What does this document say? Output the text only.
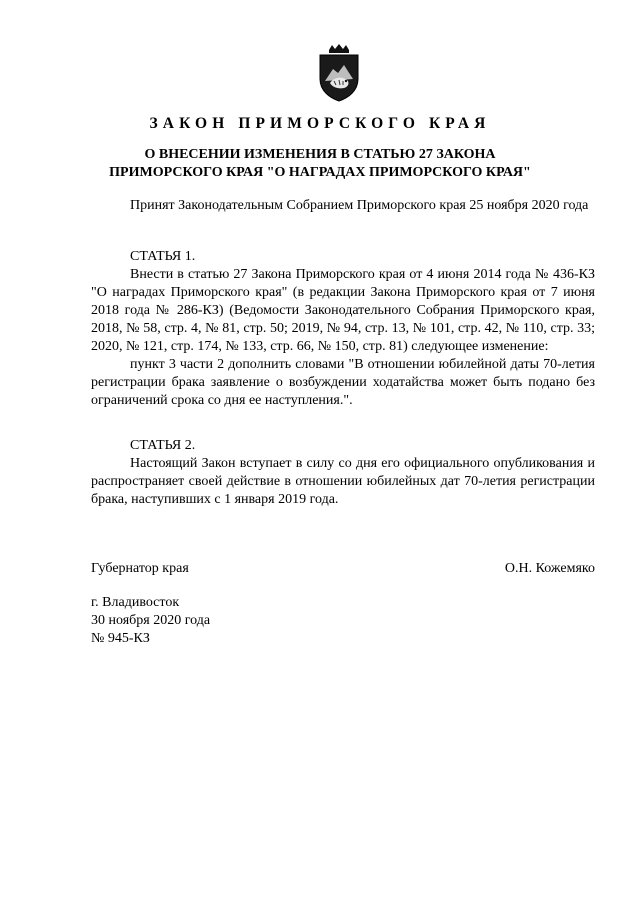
ЗАКОН ПРИМОРСКОГО КРАЯ
О ВНЕСЕНИИ ИЗМЕНЕНИЯ В СТАТЬЮ 27 ЗАКОНА
ПРИМОРСКОГО КРАЯ "О НАГРАДАХ ПРИМОРСКОГО КРАЯ"

Принят Законодательным Собранием Приморского края 25 ноября 2020 года

СТАТЬЯ 1.

Внести в статью 27 Закона Приморского края от 4 июня 2014 года № 436-КЗ "О наградах Приморского края" (в редакции Закона Приморского края от 7 июня 2018 года № 286-КЗ) (Ведомости Законодательного Собрания Приморского края, 2018, № 58, стр. 4, № 81, стр. 50; 2019, № 94, стр. 13, № 101, стр. 42, № 110, стр. 33; 2020, № 121, стр. 174, № 133, стр. 66, № 150, стр. 81) следующее изменение:

пункт 3 части 2 дополнить словами "В отношении юбилейной даты 70-летия регистрации брака заявление о возбуждении ходатайства может быть подано без ограничений срока со дня ее наступления.".

СТАТЬЯ 2.

Настоящий Закон вступает в силу со дня его официального опубликования и распространяет своей действие в отношении юбилейных дат 70-летия регистрации брака, наступивших с 1 января 2019 года.

Губернатор края	О.Н. Кожемяко
г. Владивосток
30 ноября 2020 года
№ 945-КЗ
